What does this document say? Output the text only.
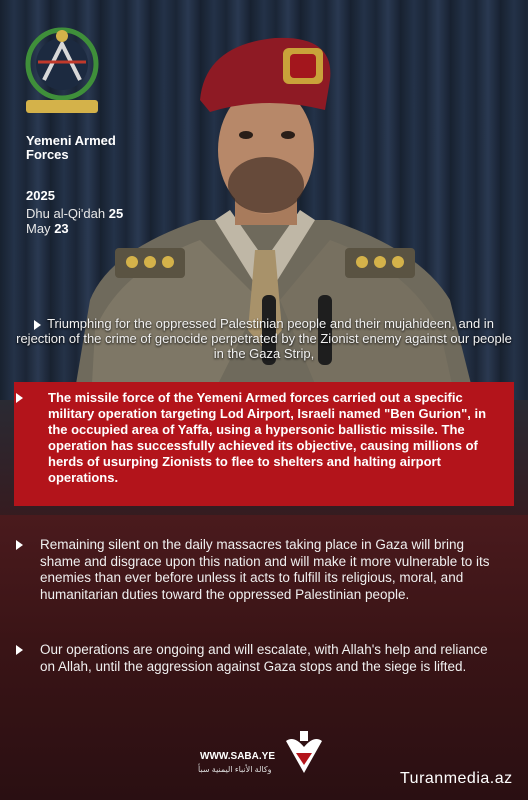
Yemeni Armed Forces
2025
Dhu al-Qi'dah 25
May 23
Triumphing for the oppressed Palestinian people and their mujahideen, and in rejection of the crime of genocide perpetrated by the Zionist enemy against our people in the Gaza Strip,
The missile force of the Yemeni Armed forces carried out a specific military operation targeting Lod Airport, Israeli named "Ben Gurion", in the occupied area of Yaffa, using a hypersonic ballistic missile. The operation has successfully achieved its objective, causing millions of herds of usurping Zionists to flee to shelters and halting airport operations.
Remaining silent on the daily massacres taking place in Gaza will bring shame and disgrace upon this nation and will make it more vulnerable to its enemies than ever before unless it acts to fulfill its religious, moral, and humanitarian duties toward the oppressed Palestinian people.
Our operations are ongoing and will escalate, with Allah's help and reliance on Allah, until the aggression against Gaza stops and the siege is lifted.
WWW.SABA.YE
وكالة الأنباء اليمنية سبأ
Turanmedia.az
